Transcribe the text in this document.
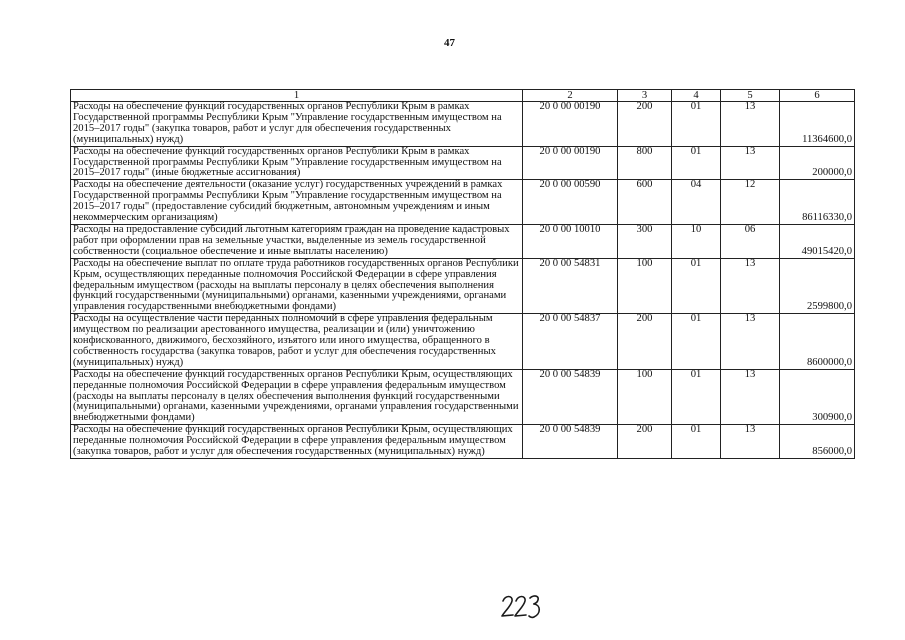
47
1	2	3	4	5	6
Расходы на обеспечение функций государственных органов Республики Крым в рамках Государственной программы Республики Крым "Управление государственным имуществом на 2015–2017 годы" (закупка товаров, работ и услуг для обеспечения государственных (муниципальных) нужд)	20 0 00 00190	200	01	13	11364600,0
Расходы на обеспечение функций государственных органов Республики Крым в рамках Государственной программы Республики Крым "Управление государственным имуществом на 2015–2017 годы" (иные бюджетные ассигнования)	20 0 00 00190	800	01	13	200000,0
Расходы на обеспечение деятельности (оказание услуг) государственных учреждений в рамках Государственной программы Республики Крым "Управление государственным имуществом на 2015–2017 годы" (предоставление субсидий бюджетным, автономным учреждениям и иным некоммерческим организациям)	20 0 00 00590	600	04	12	86116330,0
Расходы на предоставление субсидий льготным категориям граждан на проведение кадастровых работ при оформлении прав на земельные участки, выделенные из земель государственной собственности (социальное обеспечение и иные выплаты населению)	20 0 00 10010	300	10	06	49015420,0
Расходы на обеспечение выплат по оплате труда работников государственных органов Республики Крым, осуществляющих переданные полномочия Российской Федерации в сфере управления федеральным имуществом (расходы на выплаты персоналу в целях обеспечения выполнения функций государственными (муниципальными) органами, казенными учреждениями, органами управления государственными внебюджетными фондами)	20 0 00 54831	100	01	13	2599800,0
Расходы на осуществление части переданных полномочий в сфере управления федеральным имуществом по реализации арестованного имущества, реализации и (или) уничтожению конфискованного, движимого, бесхозяйного, изъятого или иного имущества, обращенного в собственность государства (закупка товаров, работ и услуг для обеспечения государственных (муниципальных) нужд)	20 0 00 54837	200	01	13	8600000,0
Расходы на обеспечение функций государственных органов Республики Крым, осуществляющих переданные полномочия Российской Федерации в сфере управления федеральным имуществом (расходы на выплаты персоналу в целях обеспечения выполнения функций государственными (муниципальными) органами, казенными учреждениями, органами управления государственными внебюджетными фондами)	20 0 00 54839	100	01	13	300900,0
Расходы на обеспечение функций государственных органов Республики Крым, осуществляющих переданные полномочия Российской Федерации в сфере управления федеральным имуществом (закупка товаров, работ и услуг для обеспечения государственных (муниципальных) нужд)	20 0 00 54839	200	01	13	856000,0
